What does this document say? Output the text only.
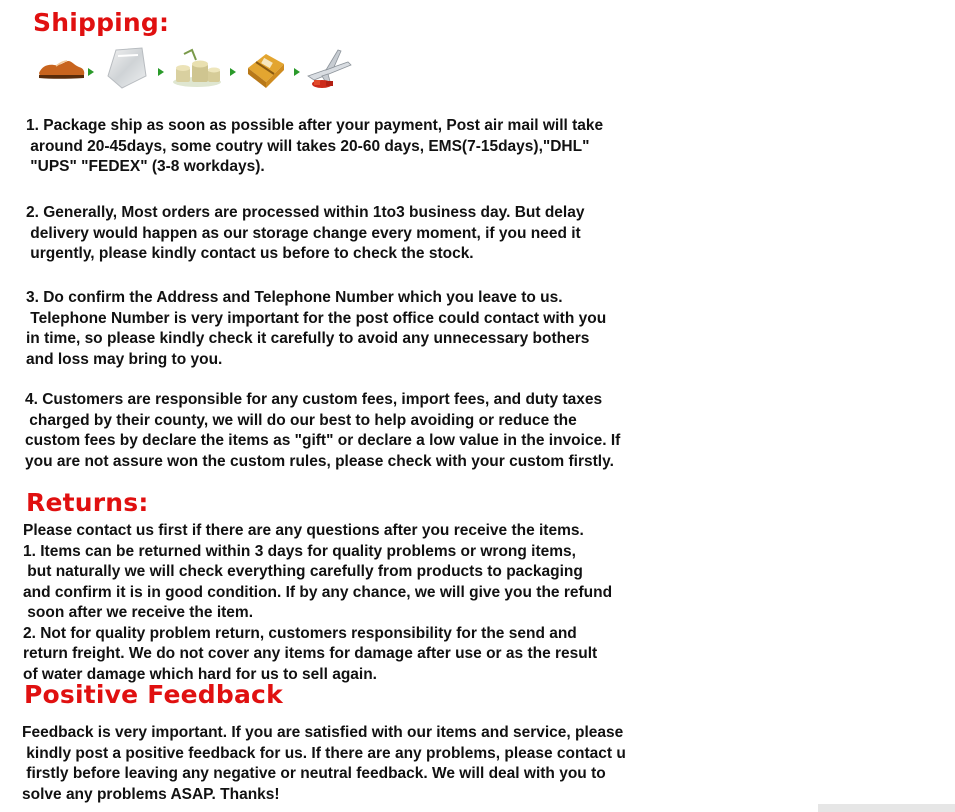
Shipping:

1. Package ship as soon as possible after your payment, Post air mail will take

around 20-45days, some coutry will takes 20-60 days, EMS(7-15days),"DHL"

"UPS" "FEDEX" (3-8 workdays).

2. Generally, Most orders are processed within 1to3 business day. But delay

delivery would happen as our storage change every moment, if you need it

urgently, please kindly contact us before to check the stock.

3. Do confirm the Address and Telephone Number which you leave to us.

Telephone Number is very important for the post office could contact with you

in time, so please kindly check it carefully to avoid any unnecessary bothers

and loss may bring to you.

4. Customers are responsible for any custom fees, import fees, and duty taxes

charged by their county, we will do our best to help avoiding or reduce the

custom fees by declare the items as "gift" or declare a low value in the invoice. If

you are not assure won the custom rules, please check with your custom firstly.

Returns:

Please contact us first if there are any questions after you receive the items.

1. Items can be returned within 3 days for quality problems or wrong items,

but naturally we will check everything carefully from products to packaging

and confirm it is in good condition. If by any chance, we will give you the refund

soon after we receive the item.

2. Not for quality problem return, customers responsibility for the send and

return freight. We do not cover any items for damage after use or as the result

of water damage which hard for us to sell again.

Positive Feedback

Feedback is very important. If you are satisfied with our items and service, please

kindly post a positive feedback for us. If there are any problems, please contact u

firstly before leaving any negative or neutral feedback. We will deal with you to

solve any problems ASAP. Thanks!
